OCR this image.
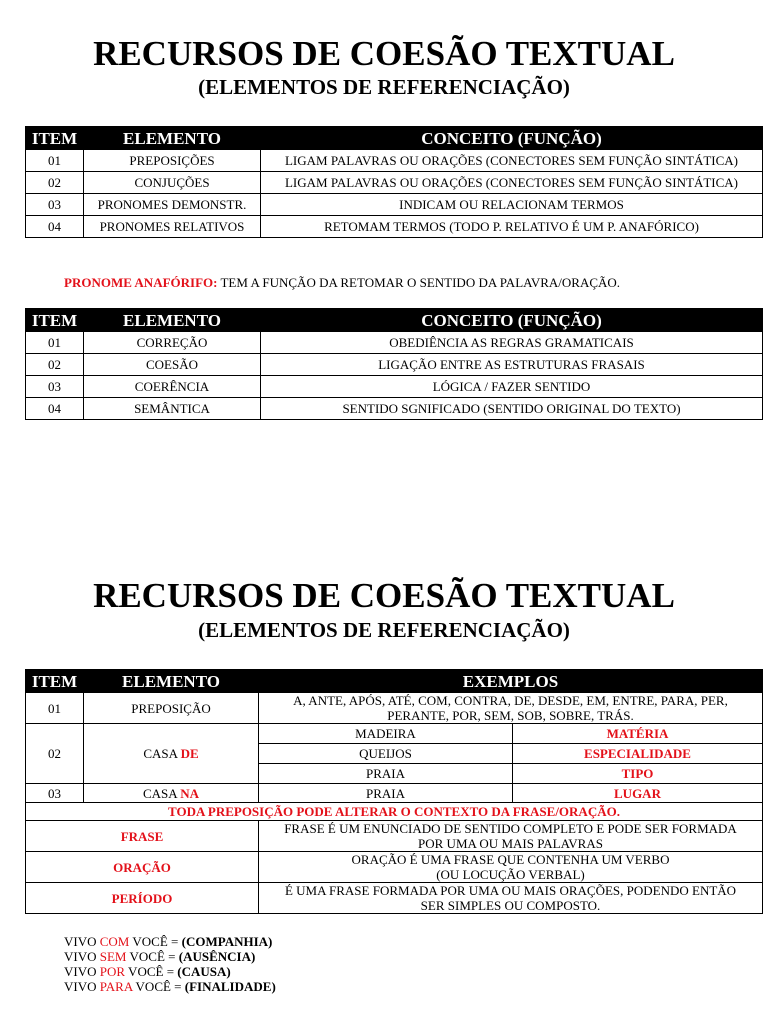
RECURSOS DE COESÃO TEXTUAL
(ELEMENTOS DE REFERENCIAÇÃO)
ITEM	ELEMENTO	CONCEITO (FUNÇÃO)
01	PREPOSIÇÕES	LIGAM PALAVRAS OU ORAÇÕES (CONECTORES SEM FUNÇÃO SINTÁTICA)
02	CONJUÇÕES	LIGAM PALAVRAS OU ORAÇÕES (CONECTORES SEM FUNÇÃO SINTÁTICA)
03	PRONOMES DEMONSTR.	INDICAM OU RELACIONAM TERMOS
04	PRONOMES RELATIVOS	RETOMAM TERMOS (TODO P. RELATIVO É UM P. ANAFÓRICO)
PRONOME ANAFÓRIFO: TEM A FUNÇÃO DA RETOMAR O SENTIDO DA PALAVRA/ORAÇÃO.
ITEM	ELEMENTO	CONCEITO (FUNÇÃO)
01	CORREÇÃO	OBEDIÊNCIA AS REGRAS GRAMATICAIS
02	COESÃO	LIGAÇÃO ENTRE AS ESTRUTURAS FRASAIS
03	COERÊNCIA	LÓGICA / FAZER SENTIDO
04	SEMÂNTICA	SENTIDO SGNIFICADO (SENTIDO ORIGINAL DO TEXTO)
RECURSOS DE COESÃO TEXTUAL
(ELEMENTOS DE REFERENCIAÇÃO)
ITEM	ELEMENTO	EXEMPLOS	
01	PREPOSIÇÃO	A, ANTE, APÓS, ATÉ, COM, CONTRA, DE, DESDE, EM, ENTRE, PARA, PER,
PERANTE, POR, SEM, SOB, SOBRE, TRÁS.	

02	CASA DE	MADEIRA	MATÉRIA
		QUEIJOS	ESPECIALIDADE
		PRAIA	TIPO
03	CASA NA	PRAIA	LUGAR
TODA PREPOSIÇÃO PODE ALTERAR O CONTEXTO DA FRASE/ORAÇÃO.			
FRASE		FRASE É UM ENUNCIADO DE SENTIDO COMPLETO E PODE SER FORMADA
POR UMA OU MAIS PALAVRAS	

ORAÇÃO		ORAÇÃO É UMA FRASE QUE CONTENHA UM VERBO
(OU LOCUÇÃO VERBAL)	

PERÍODO		É UMA FRASE FORMADA POR UMA OU MAIS ORAÇÕES, PODENDO ENTÃO
SER SIMPLES OU COMPOSTO.	
VIVO COM VOCÊ = (COMPANHIA)
VIVO SEM VOCÊ = (AUSÊNCIA)
VIVO POR VOCÊ = (CAUSA)
VIVO PARA VOCÊ = (FINALIDADE)
